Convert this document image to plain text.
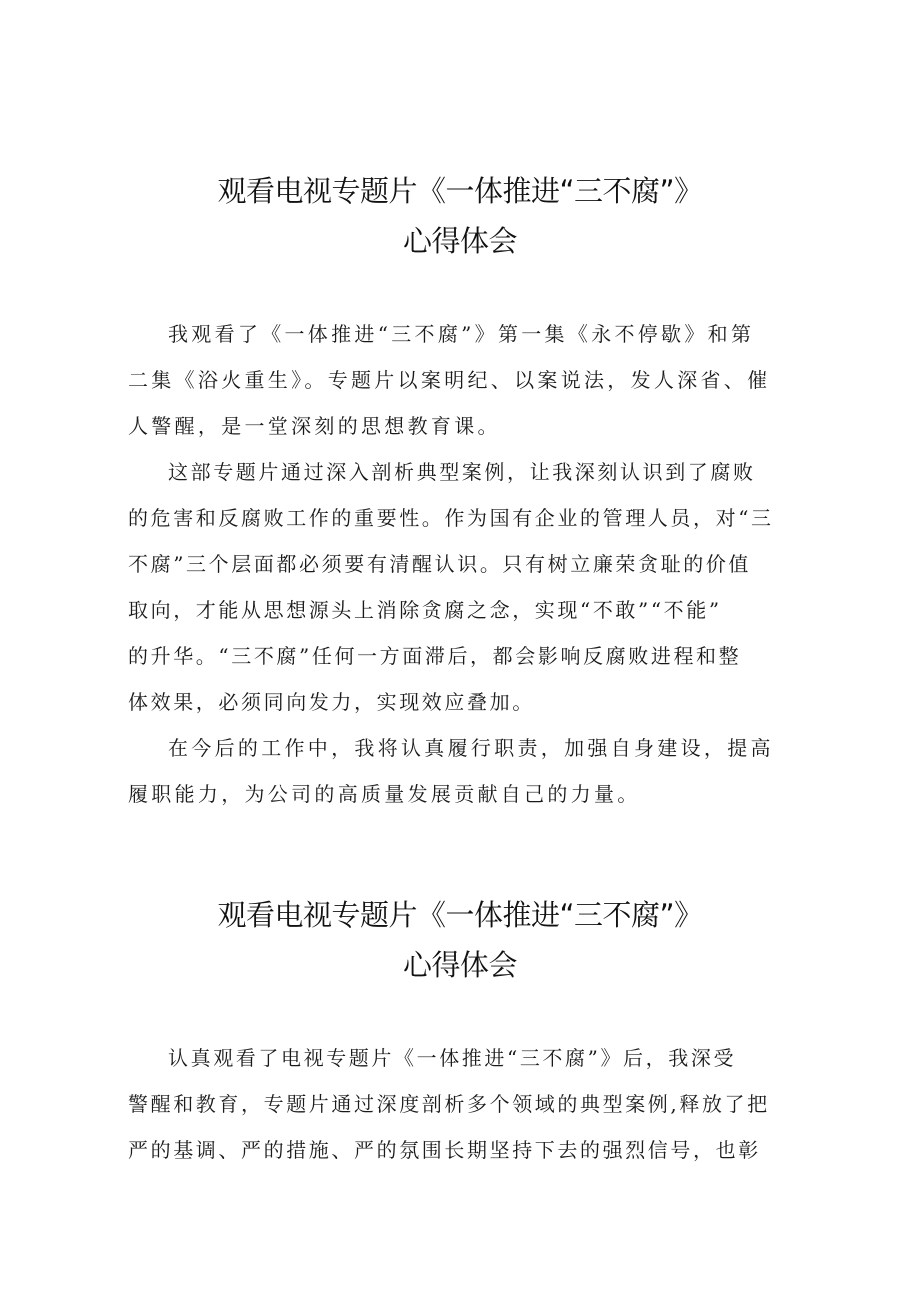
观看电视专题片《一体推进“三不腐”》
心得体会

我观看了《一体推进“三不腐”》第一集《永不停歇》和第
二集《浴火重生》。专题片以案明纪、以案说法，发人深省、催
人警醒，是一堂深刻的思想教育课。

这部专题片通过深入剖析典型案例，让我深刻认识到了腐败
的危害和反腐败工作的重要性。作为国有企业的管理人员，对“三
不腐”三个层面都必须要有清醒认识。只有树立廉荣贪耻的价值
取向，才能从思想源头上消除贪腐之念，实现“不敢”“不能”
的升华。“三不腐”任何一方面滞后，都会影响反腐败进程和整
体效果，必须同向发力，实现效应叠加。

在今后的工作中，我将认真履行职责，加强自身建设，提高
履职能力，为公司的高质量发展贡献自己的力量。

观看电视专题片《一体推进“三不腐”》
心得体会

认真观看了电视专题片《一体推进“三不腐”》后，我深受
警醒和教育，专题片通过深度剖析多个领域的典型案例,释放了把
严的基调、严的措施、严的氛围长期坚持下去的强烈信号，也彰
